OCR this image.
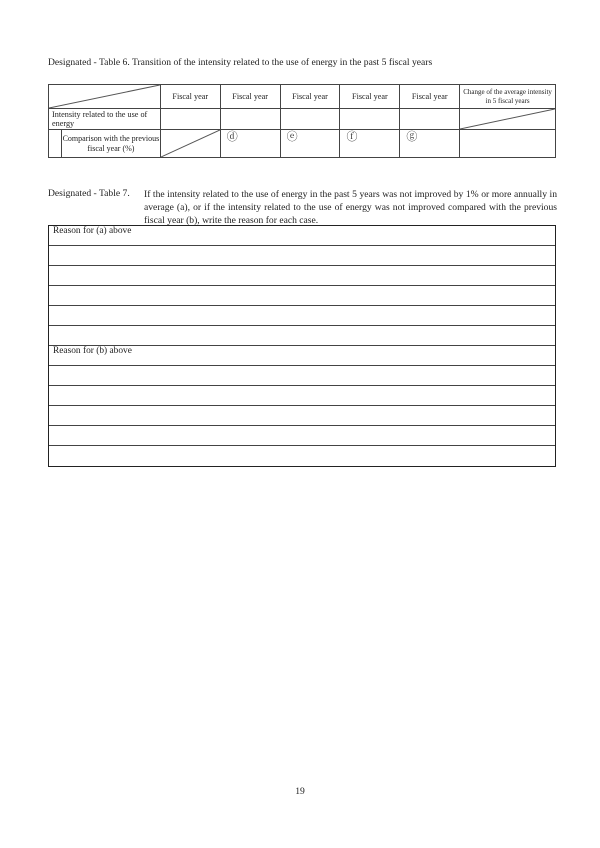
Designated - Table 6. Transition of the intensity related to the use of energy in the past 5 fiscal years
	Fiscal year	Fiscal year	Fiscal year	Fiscal year	Fiscal year	Change of the average intensity in 5 fiscal years
Intensity related to the use of energy						

Comparison with the previous fiscal year (%)		ⓓ	ⓔ	ⓕ	ⓖ	

Designated - Table 7. If the intensity related to the use of energy in the past 5 years was not improved by 1% or more annually in average (a), or if the intensity related to the use of energy was not improved compared with the previous fiscal year (b), write the reason for each case.
Reason for (a) above
Reason for (b) above
19
